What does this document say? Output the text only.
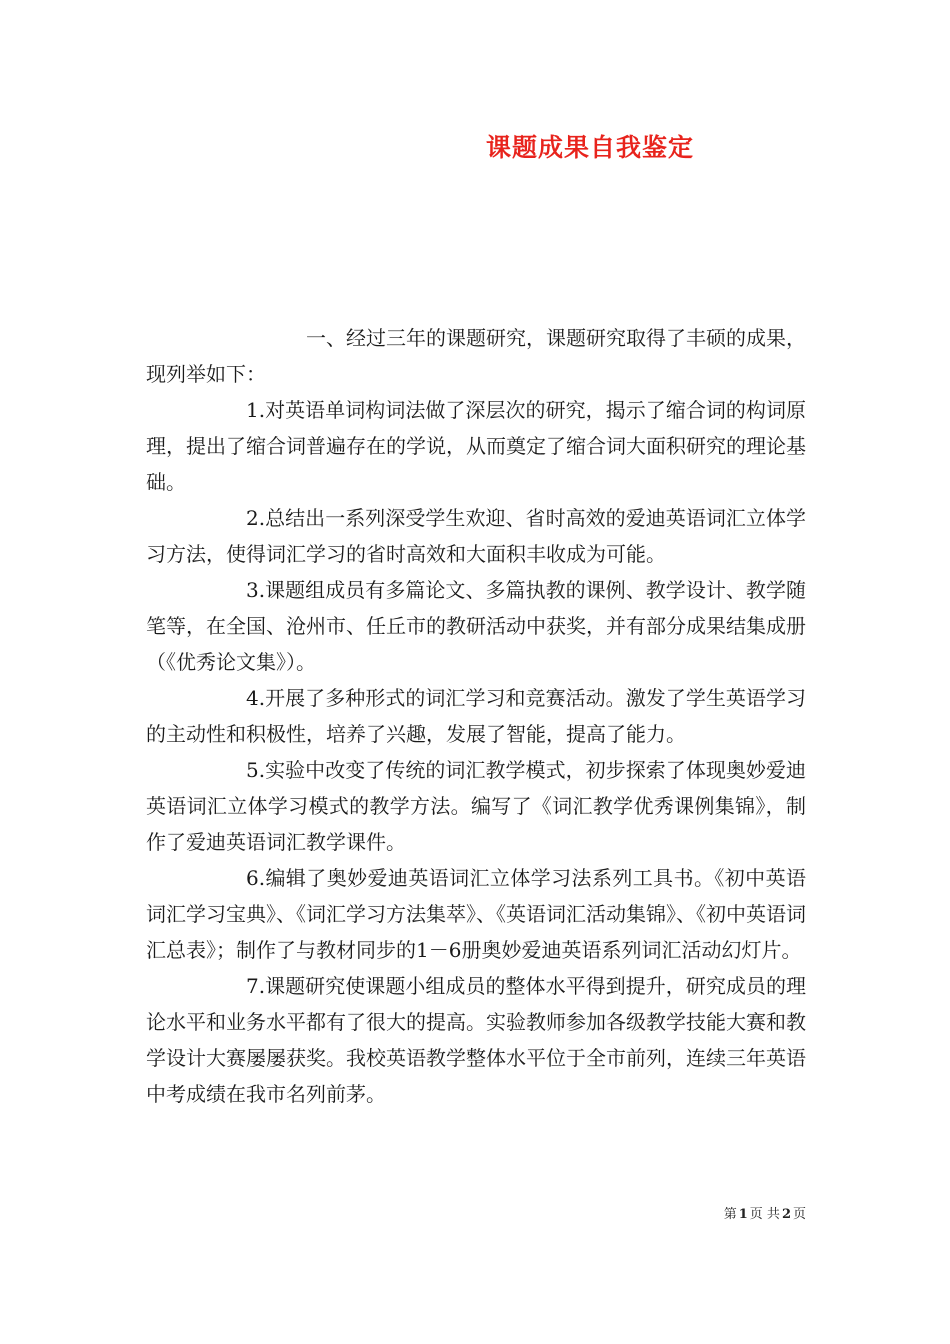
课题成果自我鉴定

一、经过三年的课题研究，课题研究取得了丰硕的成果，现列举如下：

1.对英语单词构词法做了深层次的研究，揭示了缩合词的构词原理，提出了缩合词普遍存在的学说，从而奠定了缩合词大面积研究的理论基础。

2.总结出一系列深受学生欢迎、省时高效的爱迪英语词汇立体学习方法，使得词汇学习的省时高效和大面积丰收成为可能。

3.课题组成员有多篇论文、多篇执教的课例、教学设计、教学随笔等，在全国、沧州市、任丘市的教研活动中获奖，并有部分成果结集成册（《优秀论文集》）。

4.开展了多种形式的词汇学习和竞赛活动。激发了学生英语学习的主动性和积极性，培养了兴趣，发展了智能，提高了能力。

5.实验中改变了传统的词汇教学模式，初步探索了体现奥妙爱迪英语词汇立体学习模式的教学方法。编写了《词汇教学优秀课例集锦》，制作了爱迪英语词汇教学课件。

6.编辑了奥妙爱迪英语词汇立体学习法系列工具书。《初中英语词汇学习宝典》、《词汇学习方法集萃》、《英语词汇活动集锦》、《初中英语词汇总表》；制作了与教材同步的1－6册奥妙爱迪英语系列词汇活动幻灯片。

7.课题研究使课题小组成员的整体水平得到提升，研究成员的理论水平和业务水平都有了很大的提高。实验教师参加各级教学技能大赛和教学设计大赛屡屡获奖。我校英语教学整体水平位于全市前列，连续三年英语中考成绩在我市名列前茅。

第 1 页 共 2 页
